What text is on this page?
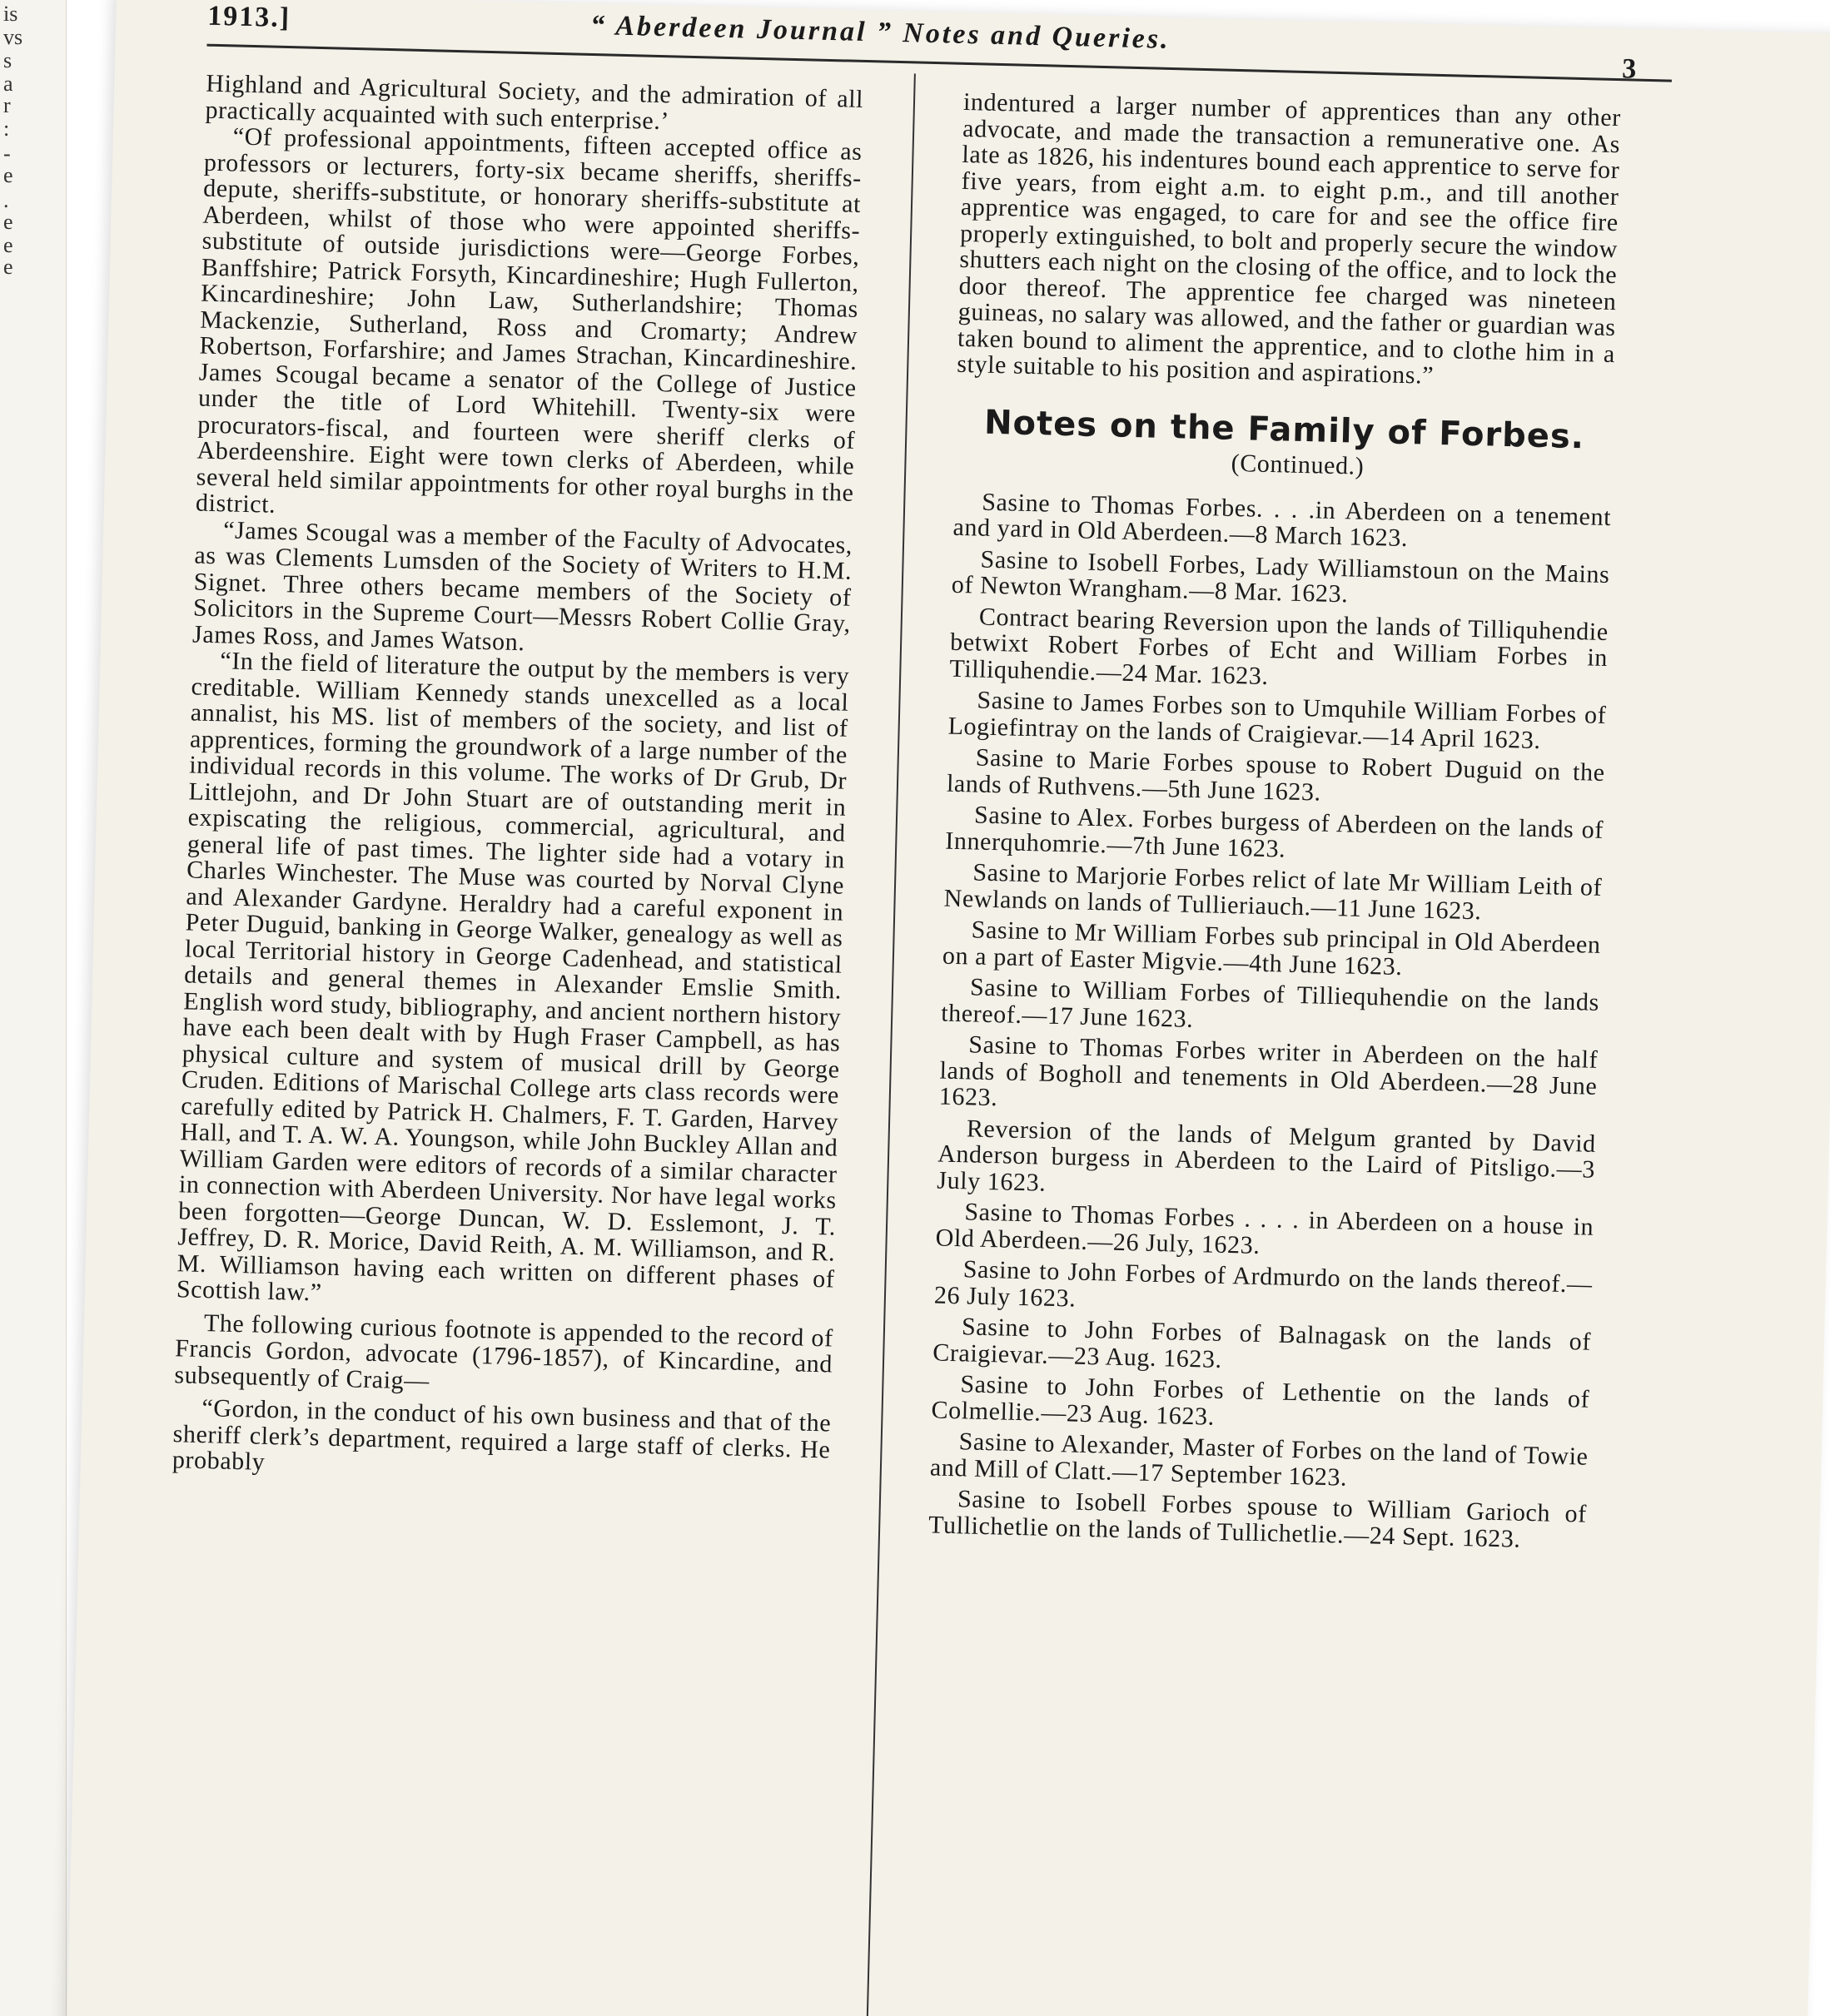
is
vs
s
a
r
:
-
e
.
e
e
e
1913.]	“ Aberdeen Journal ” Notes and Queries.
3

Highland and Agricultural Society, and the admiration of all practically acquainted with such enterprise.’

“Of professional appointments, fifteen accepted office as professors or lecturers, forty-six became sheriffs, sheriffs-depute, sheriffs-substitute, or honorary sheriffs-substitute at Aberdeen, whilst of those who were appointed sheriffs-substitute of outside jurisdictions were—George Forbes, Banffshire; Patrick Forsyth, Kincardineshire; Hugh Fullerton, Kincardineshire; John Law, Sutherlandshire; Thomas Mackenzie, Sutherland, Ross and Cromarty; Andrew Robertson, Forfarshire; and James Strachan, Kincardineshire. James Scougal became a senator of the College of Justice under the title of Lord Whitehill. Twenty-six were procurators-fiscal, and fourteen were sheriff clerks of Aberdeenshire. Eight were town clerks of Aberdeen, while several held similar appointments for other royal burghs in the district.

“James Scougal was a member of the Faculty of Advocates, as was Clements Lumsden of the Society of Writers to H.M. Signet. Three others became members of the Society of Solicitors in the Supreme Court—Messrs Robert Collie Gray, James Ross, and James Watson.

“In the field of literature the output by the members is very creditable. William Kennedy stands unexcelled as a local annalist, his MS. list of members of the society, and list of apprentices, forming the groundwork of a large number of the individual records in this volume. The works of Dr Grub, Dr Littlejohn, and Dr John Stuart are of outstanding merit in expiscating the religious, commercial, agricultural, and general life of past times. The lighter side had a votary in Charles Winchester. The Muse was courted by Norval Clyne and Alexander Gardyne. Heraldry had a careful exponent in Peter Duguid, banking in George Walker, genealogy as well as local Territorial history in George Cadenhead, and statistical details and general themes in Alexander Emslie Smith. English word study, bibliography, and ancient northern history have each been dealt with by Hugh Fraser Campbell, as has physical culture and system of musical drill by George Cruden. Editions of Marischal College arts class records were carefully edited by Patrick H. Chalmers, F. T. Garden, Harvey Hall, and T. A. W. A. Youngson, while John Buckley Allan and William Garden were editors of records of a similar character in connection with Aberdeen University. Nor have legal works been forgotten—George Duncan, W. D. Esslemont, J. T. Jeffrey, D. R. Morice, David Reith, A. M. Williamson, and R. M. Williamson having each written on different phases of Scottish law.”

The following curious footnote is appended to the record of Francis Gordon, advocate (1796-1857), of Kincardine, and subsequently of Craig—

“Gordon, in the conduct of his own business and that of the sheriff clerk’s department, required a large staff of clerks. He probably

indentured a larger number of apprentices than any other advocate, and made the transaction a remunerative one. As late as 1826, his indentures bound each apprentice to serve for five years, from eight a.m. to eight p.m., and till another apprentice was engaged, to care for and see the office fire properly extinguished, to bolt and properly secure the window shutters each night on the closing of the office, and to lock the door thereof. The apprentice fee charged was nineteen guineas, no salary was allowed, and the father or guardian was taken bound to aliment the apprentice, and to clothe him in a style suitable to his position and aspirations.”

Notes on the Family of Forbes.

(Continued.)

Sasine to Thomas Forbes. . . .in Aberdeen on a tenement and yard in Old Aberdeen.—8 March 1623.

Sasine to Isobell Forbes, Lady Williamstoun on the Mains of Newton Wrangham.—8 Mar. 1623.

Contract bearing Reversion upon the lands of Tilliquhendie betwixt Robert Forbes of Echt and William Forbes in Tilliquhendie.—24 Mar. 1623.

Sasine to James Forbes son to Umquhile William Forbes of Logiefintray on the lands of Craigievar.—14 April 1623.

Sasine to Marie Forbes spouse to Robert Duguid on the lands of Ruthvens.—5th June 1623.

Sasine to Alex. Forbes burgess of Aberdeen on the lands of Innerquhomrie.—7th June 1623.

Sasine to Marjorie Forbes relict of late Mr William Leith of Newlands on lands of Tullieriauch.—11 June 1623.

Sasine to Mr William Forbes sub principal in Old Aberdeen on a part of Easter Migvie.—4th June 1623.

Sasine to William Forbes of Tilliequhendie on the lands thereof.—17 June 1623.

Sasine to Thomas Forbes writer in Aberdeen on the half lands of Bogholl and tenements in Old Aberdeen.—28 June 1623.

Reversion of the lands of Melgum granted by David Anderson burgess in Aberdeen to the Laird of Pitsligo.—3 July 1623.

Sasine to Thomas Forbes . . . . in Aberdeen on a house in Old Aberdeen.—26 July, 1623.

Sasine to John Forbes of Ardmurdo on the lands thereof.—26 July 1623.

Sasine to John Forbes of Balnagask on the lands of Craigievar.—23 Aug. 1623.

Sasine to John Forbes of Lethentie on the lands of Colmellie.—23 Aug. 1623.

Sasine to Alexander, Master of Forbes on the land of Towie and Mill of Clatt.—17 September 1623.

Sasine to Isobell Forbes spouse to William Garioch of Tullichetlie on the lands of Tullichetlie.—24 Sept. 1623.
